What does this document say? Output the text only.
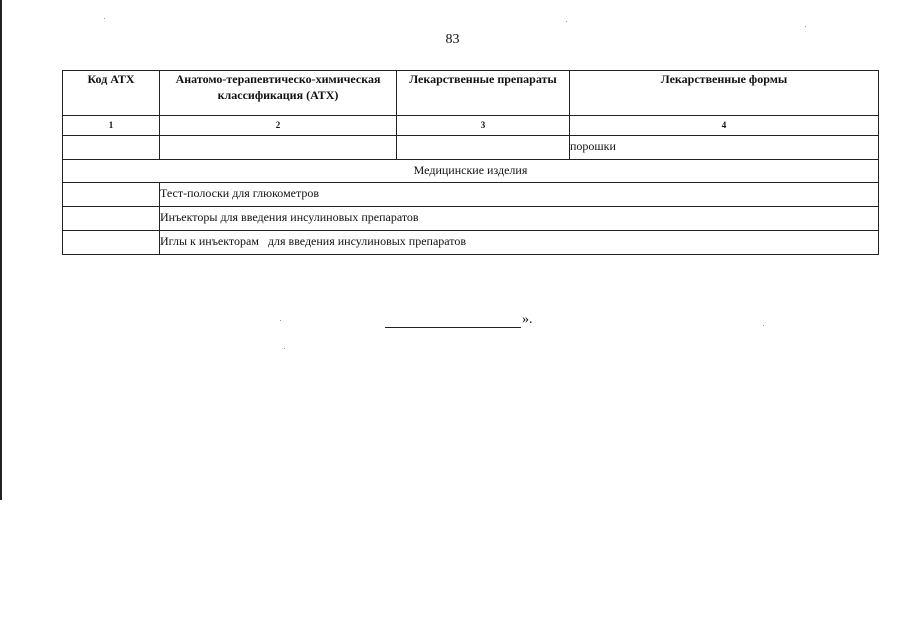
83
Код АТХ	Анатомо-терапевтическо-химическая классификация (АТХ)	Лекарственные препараты	Лекарственные формы
1	2	3	4
			порошки
Медицинские изделия			
	Тест-полоски для глюкометров		
	Инъекторы для введения инсулиновых препаратов		
	Иглы к инъекторам   для введения инсулиновых препаратов		
».
